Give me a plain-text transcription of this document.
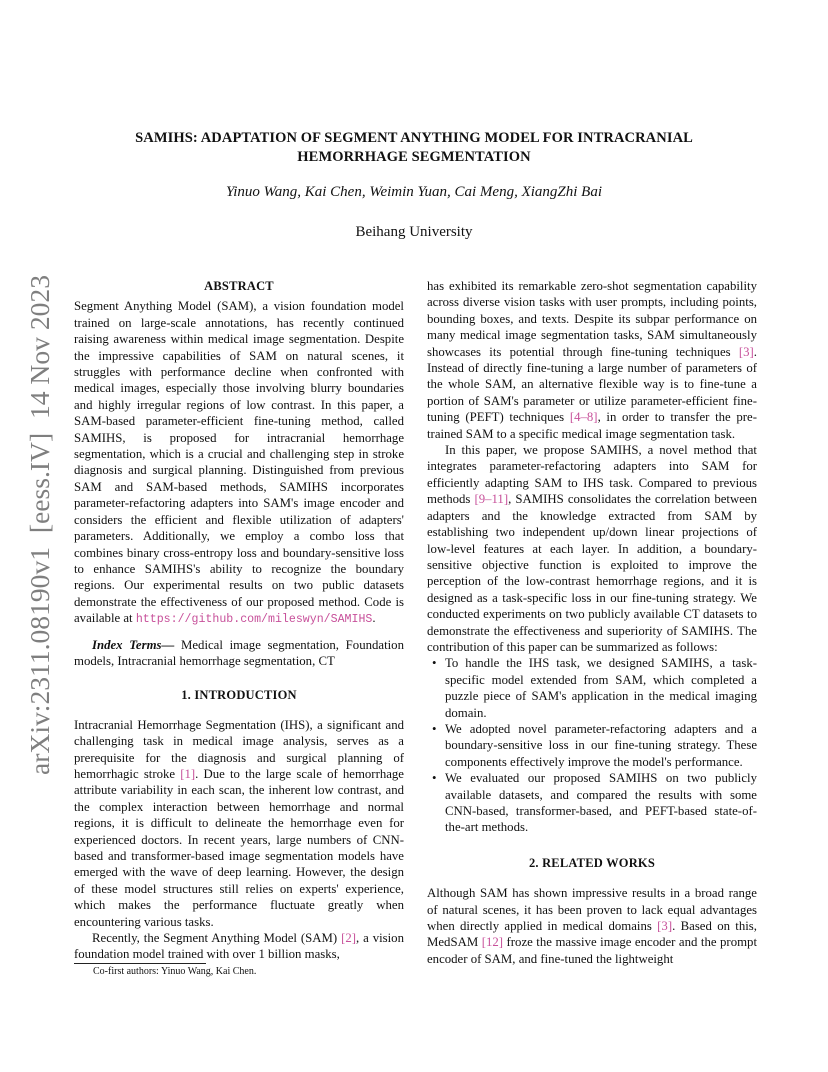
arXiv:2311.08190v1  [eess.IV]  14 Nov 2023
SAMIHS: ADAPTATION OF SEGMENT ANYTHING MODEL FOR INTRACRANIAL
HEMORRHAGE SEGMENTATION
Yinuo Wang, Kai Chen, Weimin Yuan, Cai Meng, XiangZhi Bai
Beihang University
ABSTRACT

Segment Anything Model (SAM), a vision foundation model trained on large-scale annotations, has recently continued raising awareness within medical image segmentation. Despite the impressive capabilities of SAM on natural scenes, it struggles with performance decline when confronted with medical images, especially those involving blurry boundaries and highly irregular regions of low contrast. In this paper, a SAM-based parameter-efficient fine-tuning method, called SAMIHS, is proposed for intracranial hemorrhage segmentation, which is a crucial and challenging step in stroke diagnosis and surgical planning. Distinguished from previous SAM and SAM-based methods, SAMIHS incorporates parameter-refactoring adapters into SAM's image encoder and considers the efficient and flexible utilization of adapters' parameters. Additionally, we employ a combo loss that combines binary cross-entropy loss and boundary-sensitive loss to enhance SAMIHS's ability to recognize the boundary regions. Our experimental results on two public datasets demonstrate the effectiveness of our proposed method. Code is available at https://github.com/mileswyn/SAMIHS.

Index Terms— Medical image segmentation, Foundation models, Intracranial hemorrhage segmentation, CT

1. INTRODUCTION

Intracranial Hemorrhage Segmentation (IHS), a significant and challenging task in medical image analysis, serves as a prerequisite for the diagnosis and surgical planning of hemorrhagic stroke [1]. Due to the large scale of hemorrhage attribute variability in each scan, the inherent low contrast, and the complex interaction between hemorrhage and normal regions, it is difficult to delineate the hemorrhage even for experienced doctors. In recent years, large numbers of CNN-based and transformer-based image segmentation models have emerged with the wave of deep learning. However, the design of these model structures still relies on experts' experience, which makes the performance fluctuate greatly when encountering various tasks.

Recently, the Segment Anything Model (SAM) [2], a vision foundation model trained with over 1 billion masks,

has exhibited its remarkable zero-shot segmentation capability across diverse vision tasks with user prompts, including points, bounding boxes, and texts. Despite its subpar performance on many medical image segmentation tasks, SAM simultaneously showcases its potential through fine-tuning techniques [3]. Instead of directly fine-tuning a large number of parameters of the whole SAM, an alternative flexible way is to fine-tune a portion of SAM's parameter or utilize parameter-efficient fine-tuning (PEFT) techniques [4–8], in order to transfer the pre-trained SAM to a specific medical image segmentation task.

In this paper, we propose SAMIHS, a novel method that integrates parameter-refactoring adapters into SAM for efficiently adapting SAM to IHS task. Compared to previous methods [9–11], SAMIHS consolidates the correlation between adapters and the knowledge extracted from SAM by establishing two independent up/down linear projections of low-level features at each layer. In addition, a boundary-sensitive objective function is exploited to improve the perception of the low-contrast hemorrhage regions, and it is designed as a task-specific loss in our fine-tuning strategy. We conducted experiments on two publicly available CT datasets to demonstrate the effectiveness and superiority of SAMIHS. The contribution of this paper can be summarized as follows:

• To handle the IHS task, we designed SAMIHS, a task-specific model extended from SAM, which completed a puzzle piece of SAM's application in the medical imaging domain.
• We adopted novel parameter-refactoring adapters and a boundary-sensitive loss in our fine-tuning strategy. These components effectively improve the model's performance.
• We evaluated our proposed SAMIHS on two publicly available datasets, and compared the results with some CNN-based, transformer-based, and PEFT-based state-of-the-art methods.
2. RELATED WORKS

Although SAM has shown impressive results in a broad range of natural scenes, it has been proven to lack equal advantages when directly applied in medical domains [3]. Based on this, MedSAM [12] froze the massive image encoder and the prompt encoder of SAM, and fine-tuned the lightweight

Co-first authors: Yinuo Wang, Kai Chen.
